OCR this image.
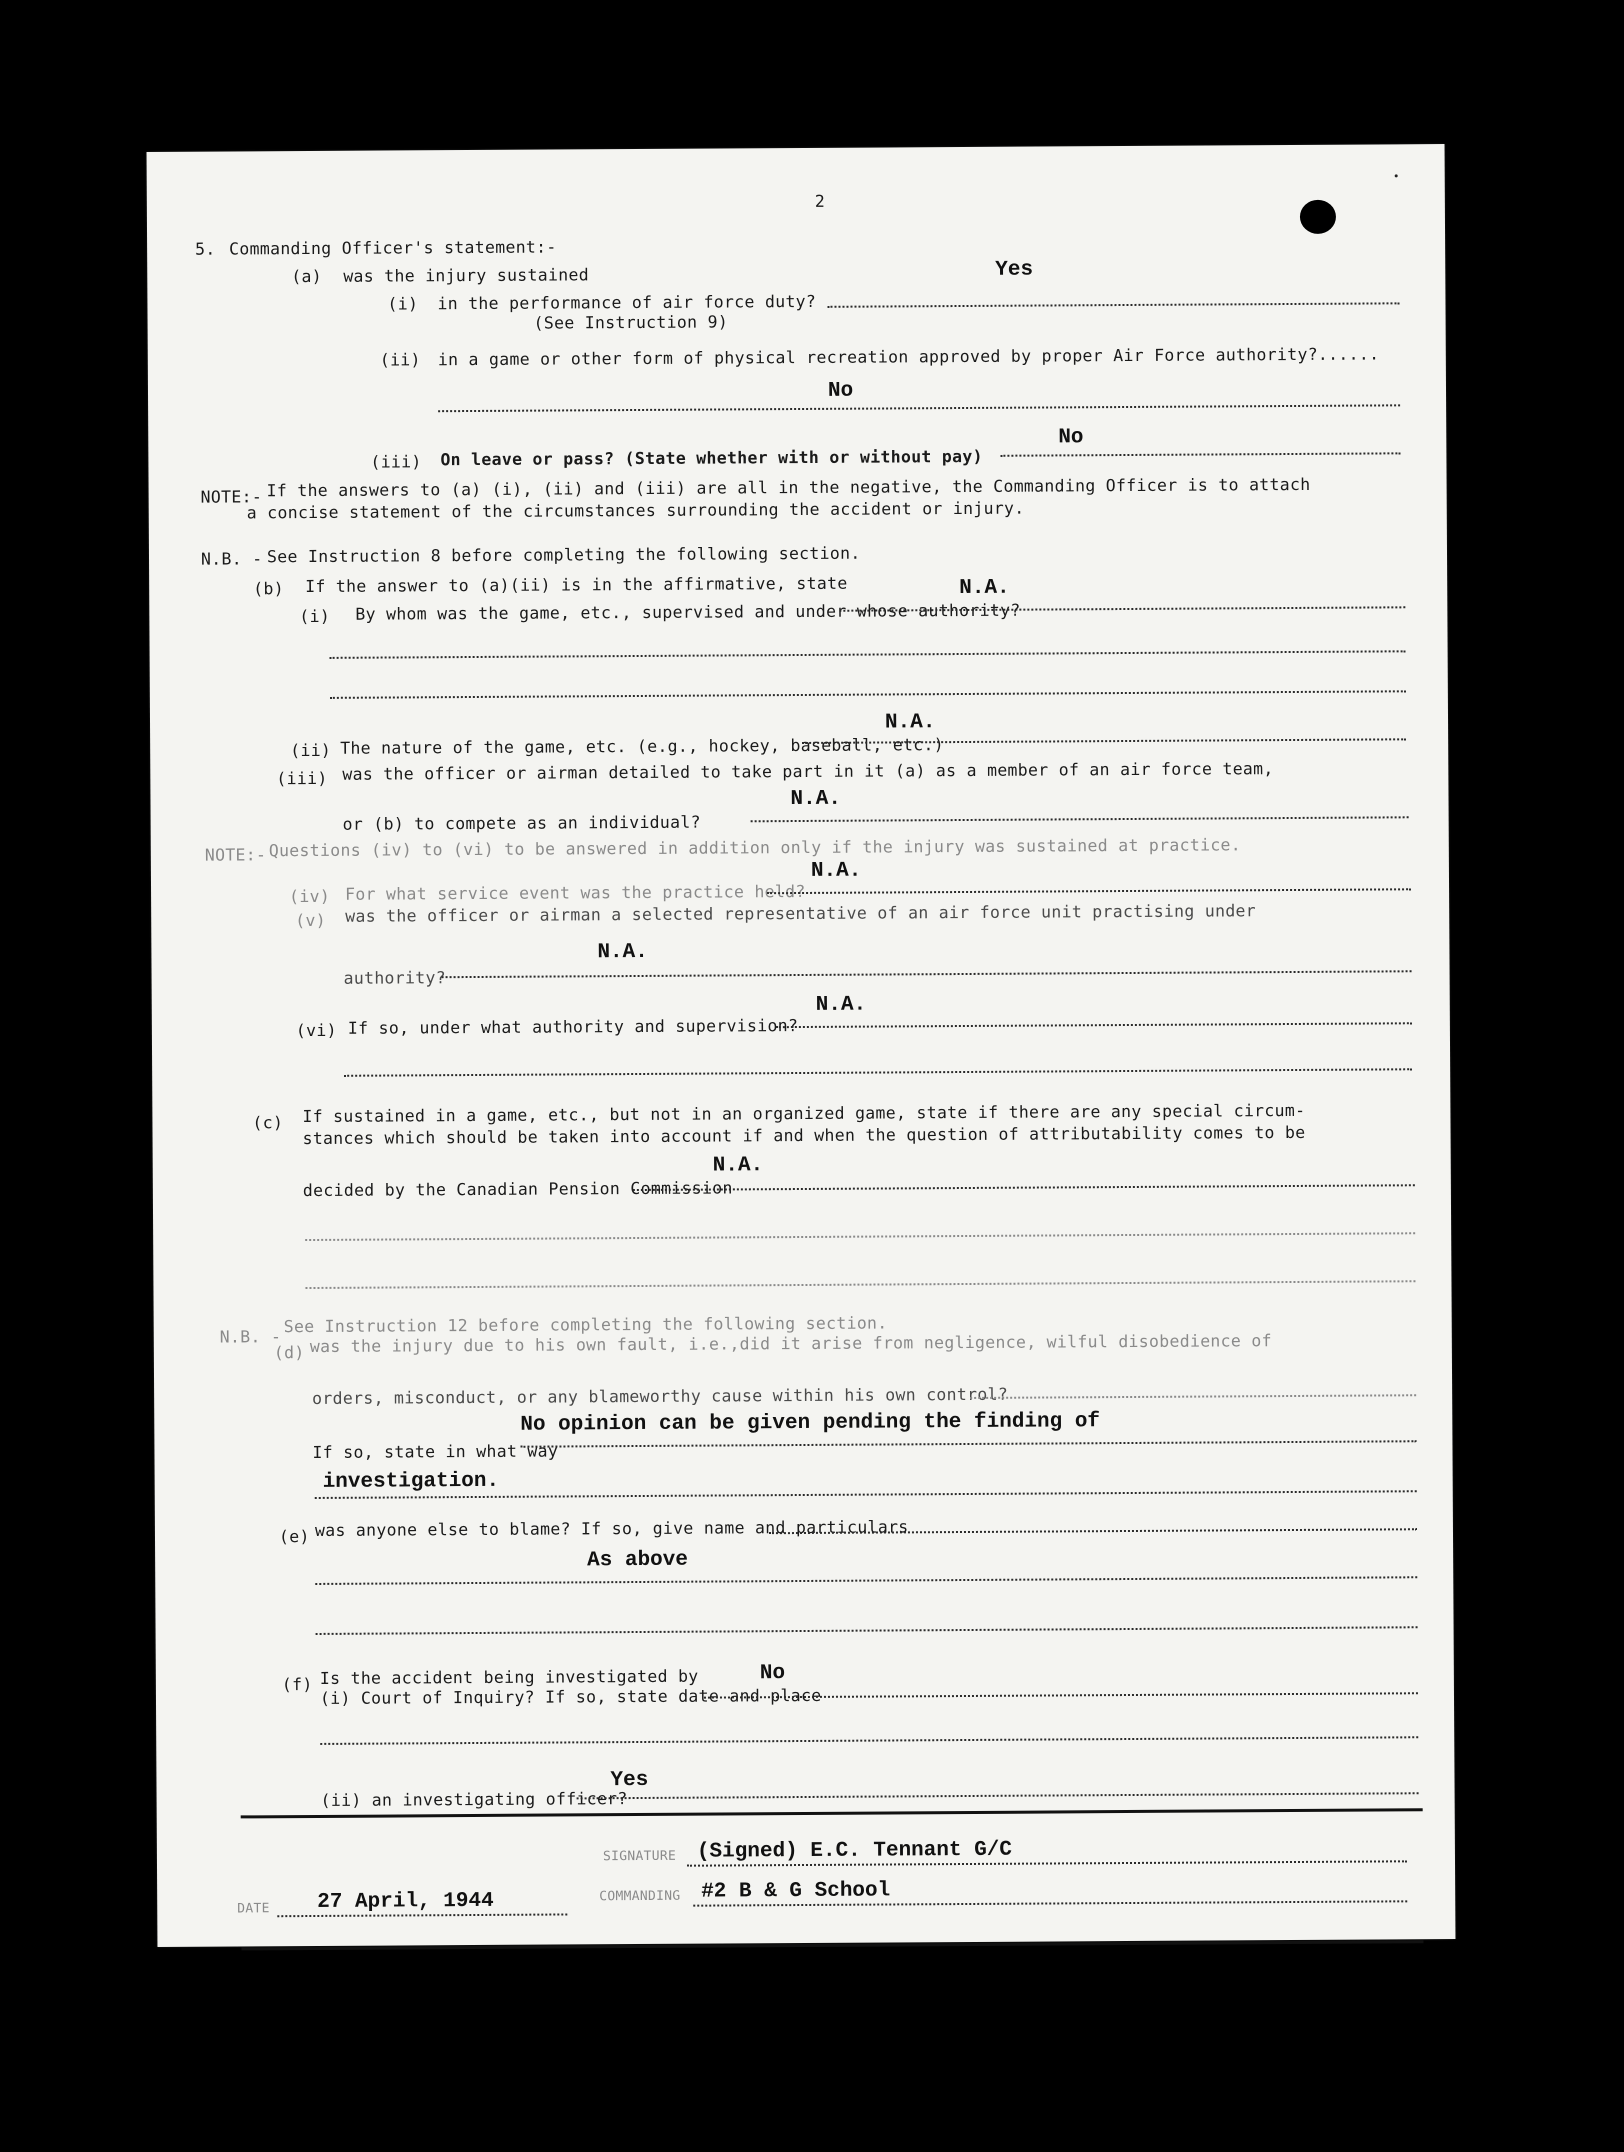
2
5. Commanding Officer's statement:-
(a) was the injury sustained	Yes
(i) in the performance of air force duty?
(See Instruction 9)
(ii) in a game or other form of physical recreation approved by proper Air Force authority?......
No
(iii) On leave or pass? (State whether with or without pay)
No
NOTE:- If the answers to (a) (i), (ii) and (iii) are all in the negative, the Commanding Officer is to attach
a concise statement of the circumstances surrounding the accident or injury.
N.B. - See Instruction 8 before completing the following section.
(b) If the answer to (a)(ii) is in the affirmative, state
(i) By whom was the game, etc., supervised and under whose authority?
N.A.
(ii) The nature of the game, etc. (e.g., hockey, baseball, etc.)
N.A.
(iii) was the officer or airman detailed to take part in it (a) as a member of an air force team,
or (b) to compete as an individual?
N.A.
NOTE:- Questions (iv) to (vi) to be answered in addition only if the injury was sustained at practice.
(iv) For what service event was the practice held?
N.A.
(v) was the officer or airman a selected representative of an air force unit practising under
authority?
N.A.
(vi) If so, under what authority and supervision?
N.A.
(c) If sustained in a game, etc., but not in an organized game, state if there are any special circum-
stances which should be taken into account if and when the question of attributability comes to be
decided by the Canadian Pension Commission
N.A.
N.B. -
See Instruction 12 before completing the following section.
(d) was the injury due to his own fault, i.e.,did it arise from negligence, wilful disobedience of
orders, misconduct, or any blameworthy cause within his own control?
If so, state in what way
No opinion can be given pending the finding of
investigation.
(e) was anyone else to blame? If so, give name and particulars
As above
(f) Is the accident being investigated by
(i) Court of Inquiry? If so, state date and place
No
(ii) an investigating officer?
Yes
SIGNATURE (Signed) E.C. Tennant G/C
COMMANDING #2 B & G School
DATE 27 April, 1944
